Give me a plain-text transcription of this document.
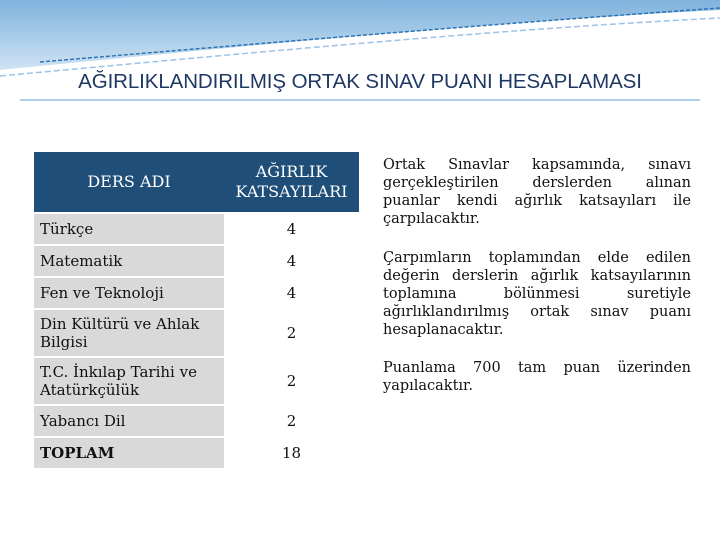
AĞIRLIKLANDIRILMIŞ ORTAK SINAV PUANI HESAPLAMASI
DERS ADI	AĞIRLIK KATSAYILARI
Türkçe	4
Matematik	4
Fen ve Teknoloji	4
Din Kültürü ve Ahlak Bilgisi	2
T.C. İnkılap Tarihi ve Atatürkçülük	2
Yabancı Dil	2
TOPLAM	18

Ortak Sınavlar kapsamında, sınavı gerçekleştirilen derslerden alınan puanlar kendi ağırlık katsayıları ile çarpılacaktır.

Çarpımların toplamından elde edilen değerin derslerin ağırlık katsayılarının toplamına bölünmesi suretiyle ağırlıklandırılmış ortak sınav puanı hesaplanacaktır.

Puanlama 700 tam puan üzerinden yapılacaktır.
